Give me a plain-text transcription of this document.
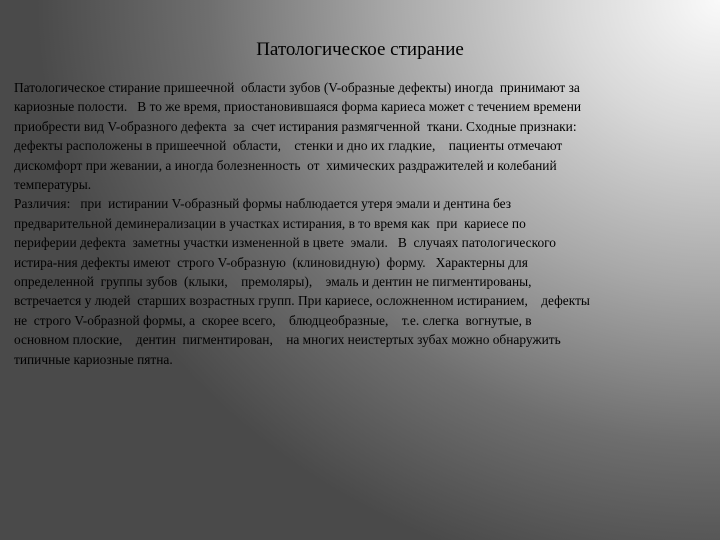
Патологическое стирание
Патологическое стирание пришеечной  области зубов (V-образные дефекты) иногда  принимают за
кариозные полости.   В то же время, приостановившаяся форма кариеса может с течением времени
приобрести вид V-образного дефекта  за  счет истирания размягченной  ткани. Сходные признаки:
дефекты расположены в пришеечной  области,    стенки и дно их гладкие,    пациенты отмечают
дискомфорт при жевании, а иногда болезненность  от  химических раздражителей и колебаний
температуры.
Различия:   при  истирании V-образный формы наблюдается утеря эмали и дентина без
предварительной деминерализации в участках истирания, в то время как  при  кариесе по
периферии дефекта  заметны участки измененной в цвете  эмали.   В  случаях патологического
истира-ния дефекты имеют  строго V-образную  (клиновидную)  форму.   Характерны для
определенной  группы зубов  (клыки,    премоляры),    эмаль и дентин не пигментированы,
встречается у людей  старших возрастных групп. При кариесе, осложненном истиранием,    дефекты
не  строго V-образной формы, а  скорее всего,    блюдцеобразные,    т.е. слегка  вогнутые, в
основном плоские,    дентин  пигментирован,    на многих неистертых зубах можно обнаружить
типичные кариозные пятна.
